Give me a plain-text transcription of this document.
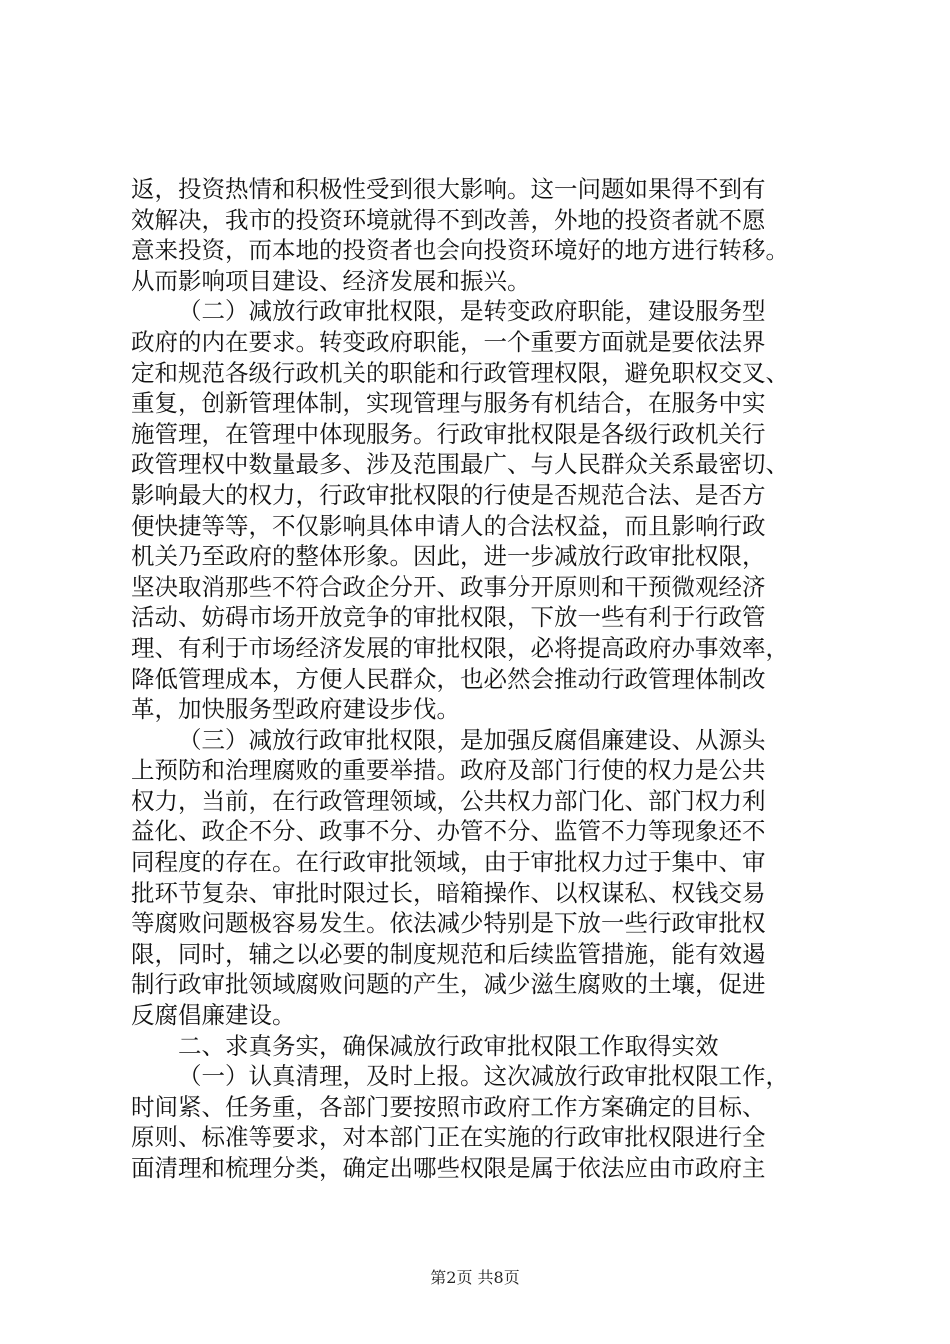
返，投资热情和积极性受到很大影响。这一问题如果得不到有
效解决，我市的投资环境就得不到改善，外地的投资者就不愿
意来投资，而本地的投资者也会向投资环境好的地方进行转移。
从而影响项目建设、经济发展和振兴。

（二）减放行政审批权限，是转变政府职能，建设服务型
政府的内在要求。转变政府职能，一个重要方面就是要依法界
定和规范各级行政机关的职能和行政管理权限，避免职权交叉、
重复，创新管理体制，实现管理与服务有机结合，在服务中实
施管理，在管理中体现服务。行政审批权限是各级行政机关行
政管理权中数量最多、涉及范围最广、与人民群众关系最密切、
影响最大的权力，行政审批权限的行使是否规范合法、是否方
便快捷等等，不仅影响具体申请人的合法权益，而且影响行政
机关乃至政府的整体形象。因此，进一步减放行政审批权限，
坚决取消那些不符合政企分开、政事分开原则和干预微观经济
活动、妨碍市场开放竞争的审批权限，下放一些有利于行政管
理、有利于市场经济发展的审批权限，必将提高政府办事效率，
降低管理成本，方便人民群众，也必然会推动行政管理体制改
革，加快服务型政府建设步伐。

（三）减放行政审批权限，是加强反腐倡廉建设、从源头
上预防和治理腐败的重要举措。政府及部门行使的权力是公共
权力，当前，在行政管理领域，公共权力部门化、部门权力利
益化、政企不分、政事不分、办管不分、监管不力等现象还不
同程度的存在。在行政审批领域，由于审批权力过于集中、审
批环节复杂、审批时限过长，暗箱操作、以权谋私、权钱交易
等腐败问题极容易发生。依法减少特别是下放一些行政审批权
限，同时，辅之以必要的制度规范和后续监管措施，能有效遏
制行政审批领域腐败问题的产生，减少滋生腐败的土壤，促进
反腐倡廉建设。

二、求真务实，确保减放行政审批权限工作取得实效

（一）认真清理，及时上报。这次减放行政审批权限工作，
时间紧、任务重，各部门要按照市政府工作方案确定的目标、
原则、标准等要求，对本部门正在实施的行政审批权限进行全
面清理和梳理分类，确定出哪些权限是属于依法应由市政府主

第2页 共8页
